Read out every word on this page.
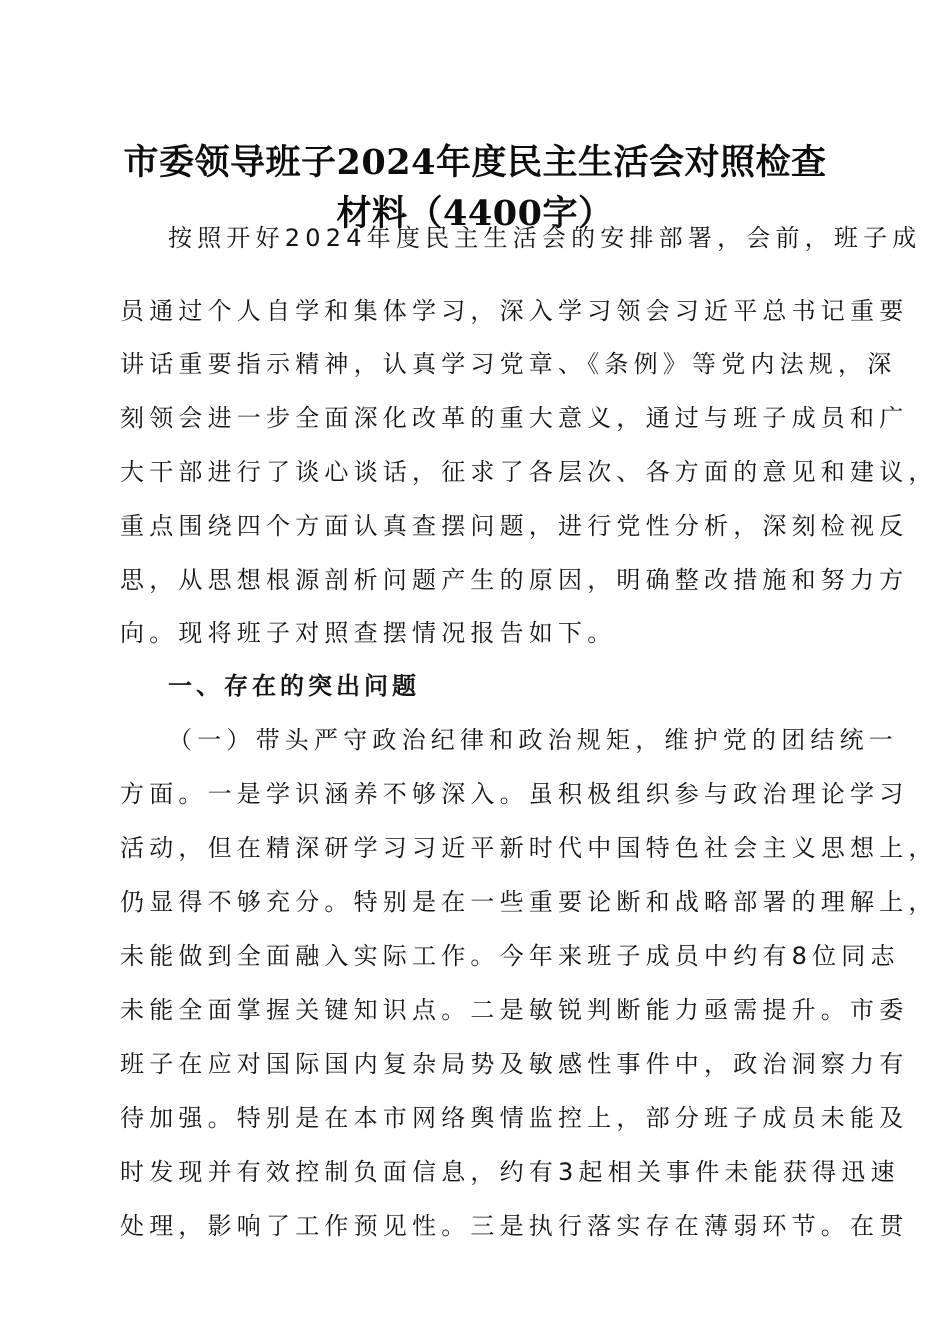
市委领导班子2024年度民主生活会对照检查
材料（4400字）

按照开好2024年度民主生活会的安排部署，会前，班子成

员通过个人自学和集体学习，深入学习领会习近平总书记重要

讲话重要指示精神，认真学习党章、《条例》等党内法规，深

刻领会进一步全面深化改革的重大意义，通过与班子成员和广

大干部进行了谈心谈话，征求了各层次、各方面的意见和建议，

重点围绕四个方面认真查摆问题，进行党性分析，深刻检视反

思，从思想根源剖析问题产生的原因，明确整改措施和努力方

向。现将班子对照查摆情况报告如下。

一、存在的突出问题

（一）带头严守政治纪律和政治规矩，维护党的团结统一

方面。一是学识涵养不够深入。虽积极组织参与政治理论学习

活动，但在精深研学习习近平新时代中国特色社会主义思想上，

仍显得不够充分。特别是在一些重要论断和战略部署的理解上，

未能做到全面融入实际工作。今年来班子成员中约有8位同志

未能全面掌握关键知识点。二是敏锐判断能力亟需提升。市委

班子在应对国际国内复杂局势及敏感性事件中，政治洞察力有

待加强。特别是在本市网络舆情监控上，部分班子成员未能及

时发现并有效控制负面信息，约有3起相关事件未能获得迅速

处理，影响了工作预见性。三是执行落实存在薄弱环节。在贯
